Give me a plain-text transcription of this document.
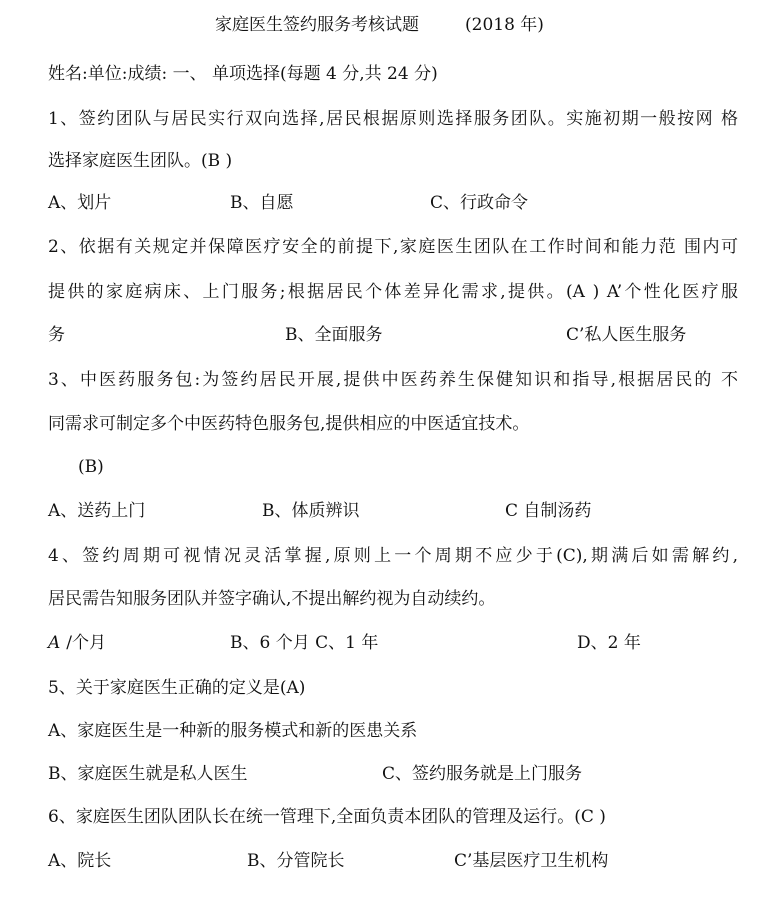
家庭医生签约服务考核试题	(2018 年)
姓名:单位:成绩: 一、 单项选择(每题 4 分,共 24 分)
1、签约团队与居民实行双向选择,居民根据原则选择服务团队。实施初期一般按网 格
选择家庭医生团队。(B )
A、划片	B、自愿	C、行政命令
2、依据有关规定并保障医疗安全的前提下,家庭医生团队在工作时间和能力范 围内可
提供的家庭病床、上门服务;根据居民个体差异化需求,提供。(A ) A’个性化医疗服
务	B、全面服务	C’私人医生服务
3、中医药服务包:为签约居民开展,提供中医药养生保健知识和指导,根据居民的 不
同需求可制定多个中医药特色服务包,提供相应的中医适宜技术。
(B)
A、送药上门	B、体质辨识	C 自制汤药
4、签约周期可视情况灵活掌握,原则上一个周期不应少于(C),期满后如需解约,
居民需告知服务团队并签字确认,不提出解约视为自动续约。
A /个月	B、6 个月 C、1 年	D、2 年
5、关于家庭医生正确的定义是(A)
A、家庭医生是一种新的服务模式和新的医患关系
B、家庭医生就是私人医生	C、签约服务就是上门服务
6、家庭医生团队团队长在统一管理下,全面负责本团队的管理及运行。(C )
A、院长	B、分管院长	C’基层医疗卫生机构
